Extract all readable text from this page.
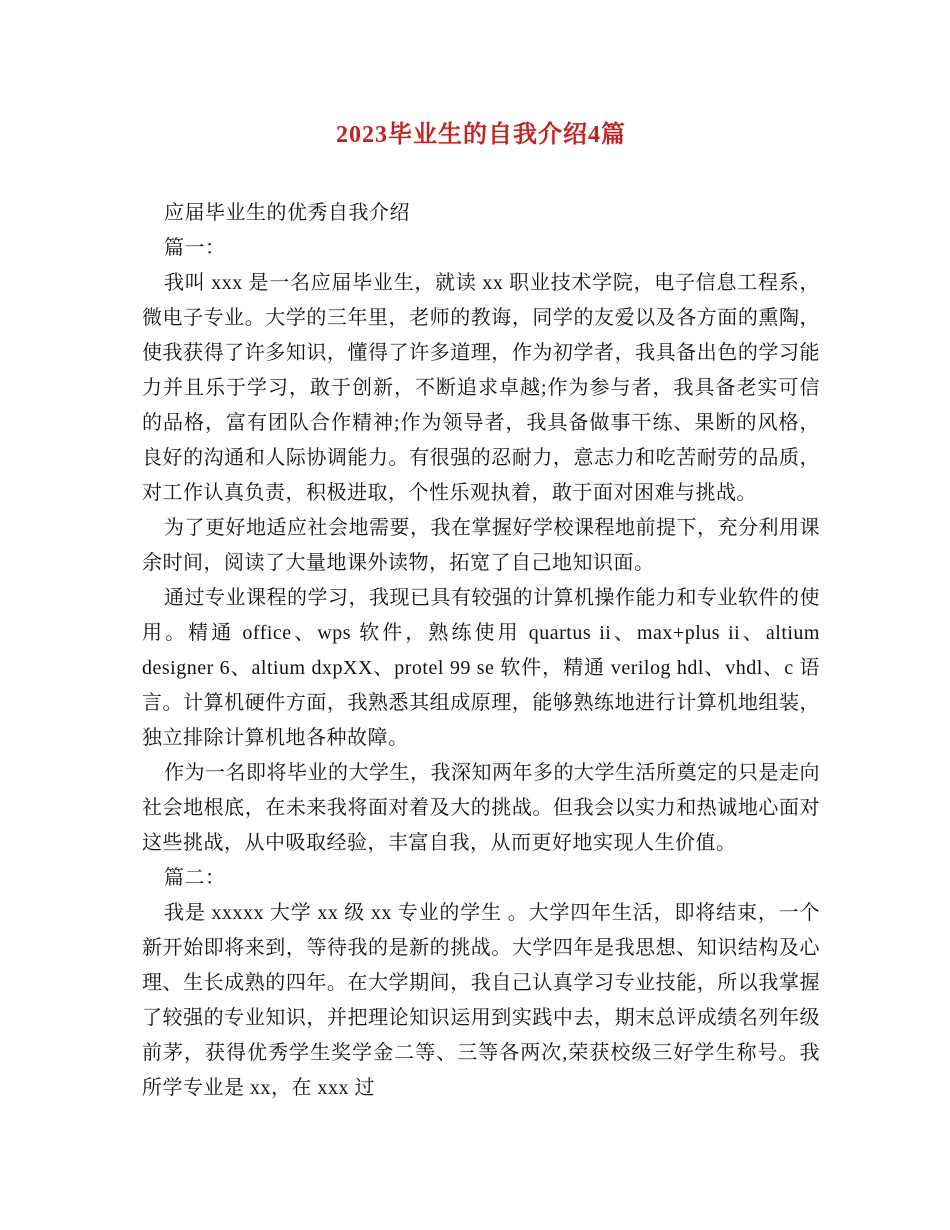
2023毕业生的自我介绍4篇

应届毕业生的优秀自我介绍

篇一：

我叫 xxx 是一名应届毕业生，就读 xx 职业技术学院，电子信息工程系，微电子专业。大学的三年里，老师的教诲，同学的友爱以及各方面的熏陶，使我获得了许多知识，懂得了许多道理，作为初学者，我具备出色的学习能力并且乐于学习，敢于创新，不断追求卓越;作为参与者，我具备老实可信的品格，富有团队合作精神;作为领导者，我具备做事干练、果断的风格，良好的沟通和人际协调能力。有很强的忍耐力，意志力和吃苦耐劳的品质，对工作认真负责，积极进取，个性乐观执着，敢于面对困难与挑战。

为了更好地适应社会地需要，我在掌握好学校课程地前提下，充分利用课余时间，阅读了大量地课外读物，拓宽了自己地知识面。

通过专业课程的学习，我现已具有较强的计算机操作能力和专业软件的使用。精通 office、wps 软件，熟练使用 quartus ii、max+plus ii、altium designer 6、altium dxpXX、protel 99 se 软件，精通 verilog hdl、vhdl、c 语言。计算机硬件方面，我熟悉其组成原理，能够熟练地进行计算机地组装，独立排除计算机地各种故障。

作为一名即将毕业的大学生，我深知两年多的大学生活所奠定的只是走向社会地根底，在未来我将面对着及大的挑战。但我会以实力和热诚地心面对这些挑战，从中吸取经验，丰富自我，从而更好地实现人生价值。

篇二：

我是 xxxxx 大学 xx 级 xx 专业的学生 。大学四年生活，即将结束，一个新开始即将来到，等待我的是新的挑战。大学四年是我思想、知识结构及心理、生长成熟的四年。在大学期间，我自己认真学习专业技能，所以我掌握了较强的专业知识，并把理论知识运用到实践中去，期末总评成绩名列年级前茅，获得优秀学生奖学金二等、三等各两次,荣获校级三好学生称号。我所学专业是 xx，在 xxx 过
